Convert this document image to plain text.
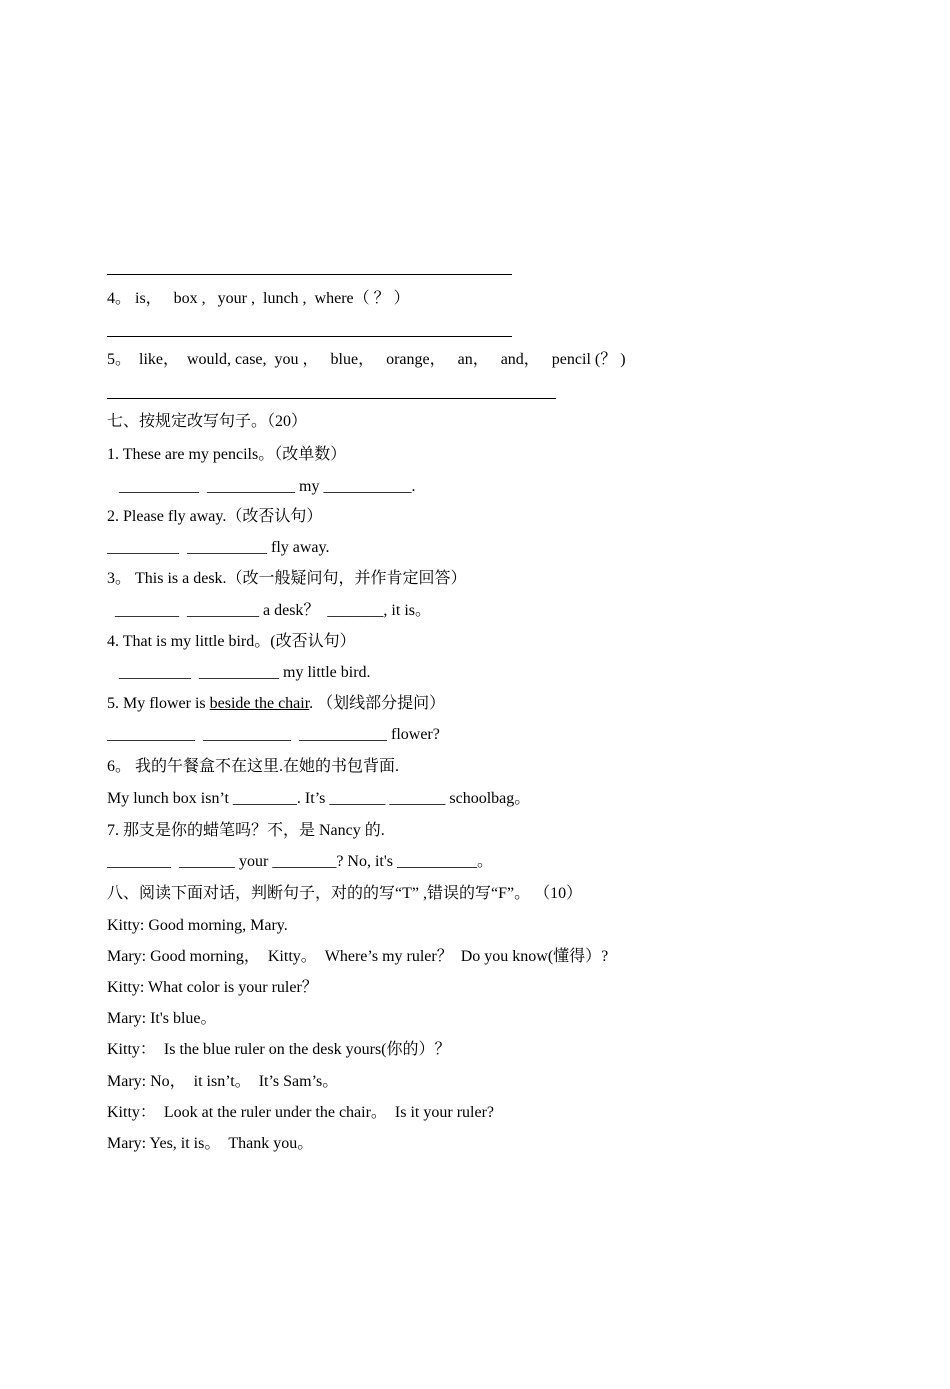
4。 is，   box ,   your ,  lunch ,  where（ ？ ）
5。  like，  would, case,  you ，   blue，   orange，   an，   and，   pencil (？ )
七、按规定改写句子。（20）
1. These are my pencils。（改单数）
__________  ___________ my ___________.
2. Please fly away.（改否认句）
_________  __________ fly away.
3。 This is a desk.（改一般疑问句，并作肯定回答）
________  _________ a desk？  _______, it is。
4. That is my little bird。(改否认句）
_________  __________ my little bird.
5. My flower is beside the chair. （划线部分提问）
___________  ___________  ___________ flower?
6。 我的午餐盒不在这里.在她的书包背面.
My lunch box isn’t ________. It’s _______ _______ schoolbag。
7. 那支是你的蜡笔吗？不，是 Nancy 的.
________  _______ your ________? No, it's __________。
八、阅读下面对话，判断句子，对的的写“T” ,错误的写“F”。 （10）
Kitty: Good morning, Mary.
Mary: Good morning，  Kitty。  Where’s my ruler？  Do you know(懂得）?
Kitty: What color is your ruler？
Mary: It's blue。
Kitty：  Is the blue ruler on the desk yours(你的）？
Mary: No，  it isn’t。  It’s Sam’s。
Kitty：  Look at the ruler under the chair。  Is it your ruler?
Mary: Yes, it is。  Thank you。
